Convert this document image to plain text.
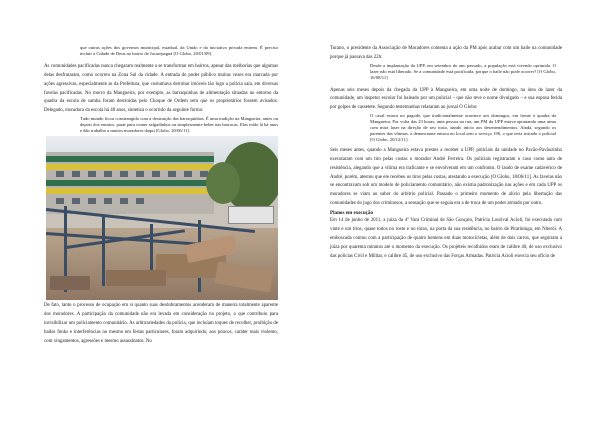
que outras ações dos governos municipal, estadual, da União e da iniciativa privada entrem. É preciso incluir a Cidade de Deus no bairro de Jacarepaguá [O Globo, 20/01/09].

As comunidades pacificadas nunca chegaram realmente a se transformar em bairros, apesar das melhorias que algumas delas desfrutaram, como ocorreu na Zona Sul da cidade. A entrada do poder público muitas vezes era marcada por ações agressivas, especialmente as da Prefeitura, que costumava derrubar imóveis tão logo a polícia saía, em diversas favelas pacificadas. No morro da Mangueira, por exemplo, as barraquinhas de alimentação situadas no entorno da quadra da escola de samba foram destruídas pelo Choque de Ordem sem que os proprietários fossem avisados. Delegado, moradora da escola há 40 anos, sintetiza o ocorrido da seguinte forma:

Tudo mundo ficou constrangido com a destruição das barraquinhas. É uma tradição na Mangueira, antes ou depois dos ensaios, parar para comer salgadinhos ou simplesmente beber nas barracas. Elas estão lá há anos e dão trabalho a muitos moradores daqui [Globo, 20/06/11].

De fato, tanto o processo de ocupação em si quanto suas desdobramentos acenderam de maneira totalmente aparente dos moradores. A participação da comunidade não era levada em consideração no projeto, o que contribuiu para invisibilizar um policiamento comunitário. As arbitrariedades da polícia, que incluíam toques de recolher, proibição de bailes funks e interferências no mesmo em festas particulares, foram adquirindo, aos poucos, caráter mais violento, com xingamentos, agressões e mesmo assassinatos. No

Turano, o presidente da Associação de Moradores comenta a ação da PM após acabar com um baile na comunidade porque já passava das 22h:

Desde a implantação da UPP, em setembro do ano passado, a população está vivendo oprimida. O lazer não está liberado. Se a comunidade está pacificada, porque o baile não pode ocorrer? [O Globo, 16/08/11]

Apenas seis meses depois da chegada da UPP à Mangueira, em uma noite de domingo, na área de lazer da comunidade, um inspetor escolar foi baleado por um policial – que não teve o nome divulgado – e sua esposa ferida por golpes de cassetete. Segundo testemunhas relataram ao jornal O Globo:

O casal estava no pagode, que tradicionalmente acontece aos domingos, em frente à quadra da Mangueira. Por volta das 23 horas, uma pessoa na rua, um PM da UPP estava apontando uma arma com mira laser na direção de seu rosto, dando início aos desentendimentos. Ainda, segundo os parentes das vítimas, a denunciante entrou no local sem o serviço 190, o que teria irritado o policial [O Globo, 20/12/11].

Seis meses antes, quando a Mangueira estava prestes a receber a UPP, policiais da unidade no Pavão-Pavãozinho executaram com um tiro pelas costas o morador André Ferreira. Os policiais registraram o caso como auto de resistência, alegando que a vítima era traficante e se envolveram em um confronto. O laudo de exame cadavérico de André, porém, atestou que ele recebeu os tiros pelas costas, atestando a execução [O Globo, 18/06/11]. As favelas não se encontravam sob um modelo de policiamento comunitário, não existia padronização nas ações e em cada UPP os moradores se viam ao sabor do arbítrio policial. Passado o primeiro momento de alívio pela libertação das comunidades do jugo dos criminosos, a sensação que se seguia era a de troca de um poder armado por outro.

Planos em execução

Em 14 de junho de 2011, a juíza da 4ª Vara Criminal de São Gonçalo, Patrícia Lourival Acioli, foi executada com vinte e um tiros, quase todos no rosto e no tórax, na porta da sua residência, no bairro de Piratininga, em Niterói. A emboscada contou com a participação de quatro homens em duas motocicletas, além de dois carros, que seguiram a juíza por quarenta minutos até o momento da execução. Os projéteis recolhidos eram de calibre 40, de uso exclusivo das polícias Civil e Militar, e calibre 45, de uso exclusivo das Forças Armadas. Patrícia Acioli exercia seu ofício de
